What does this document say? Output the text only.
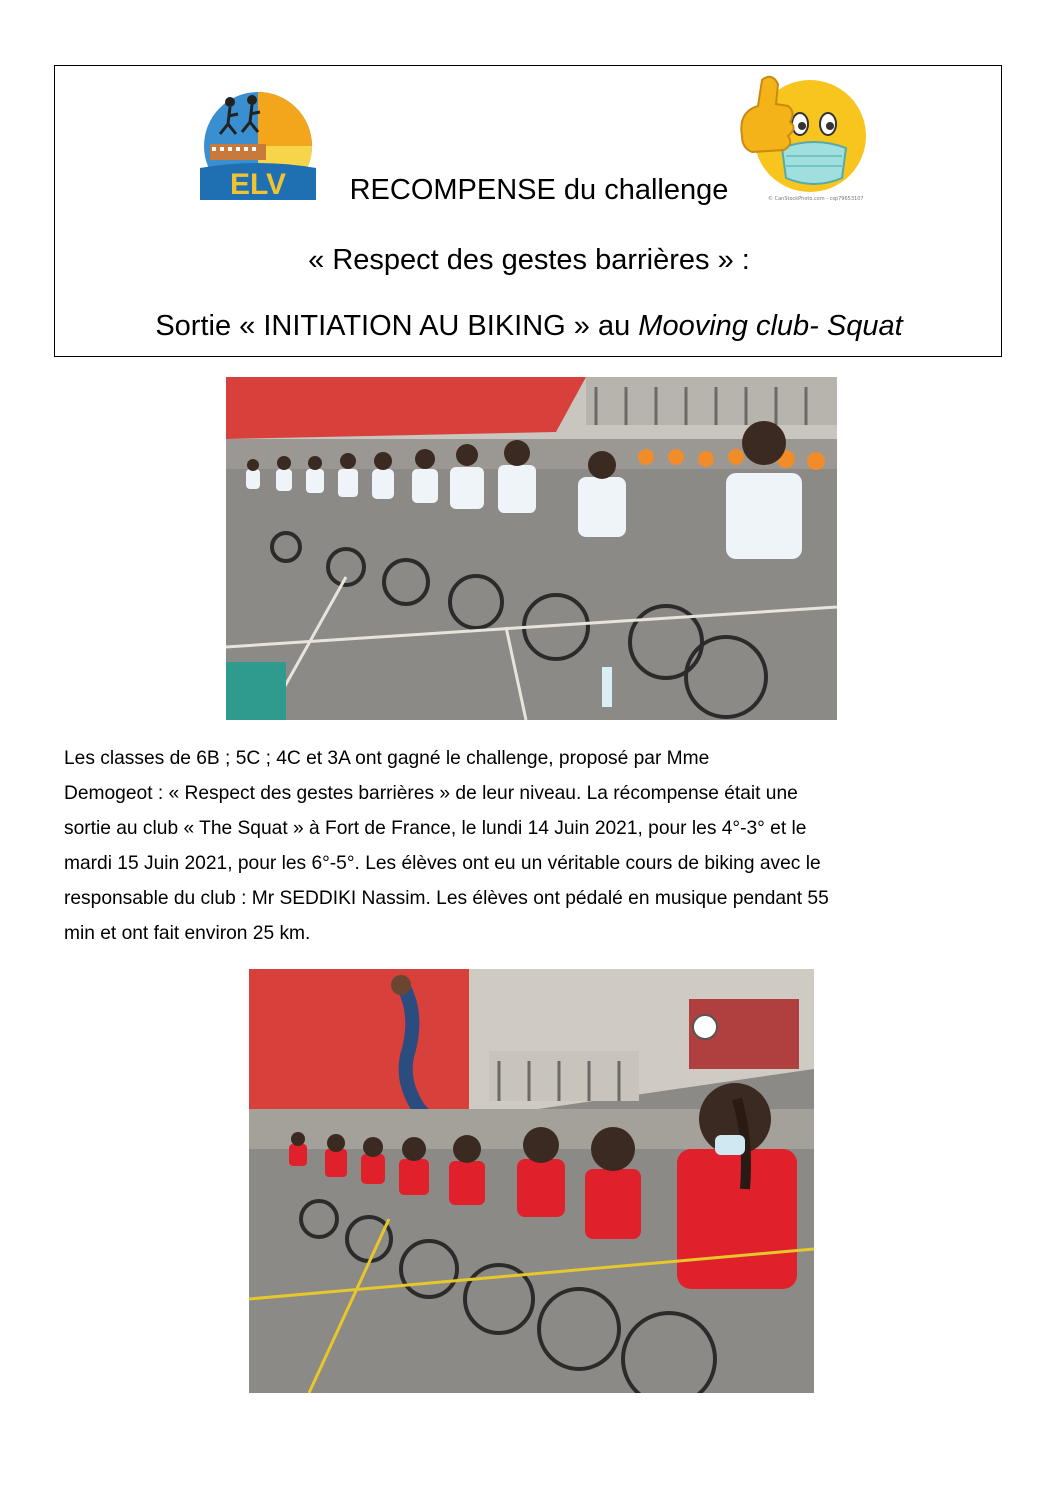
ELV	© CanStockPhoto.com - csp79653107
RECOMPENSE du challenge
« Respect des gestes barrières » :
Sortie « INITIATION AU BIKING » au Mooving club- Squat
Les classes de 6B ; 5C ; 4C et 3A ont gagné le challenge, proposé par Mme
Demogeot : « Respect des gestes barrières » de leur niveau. La récompense était une
sortie au club « The Squat » à Fort de France, le lundi 14 Juin 2021, pour les 4°-3° et le
mardi 15 Juin 2021, pour les 6°-5°. Les élèves ont eu un véritable cours de biking avec le
responsable du club : Mr SEDDIKI Nassim. Les élèves ont pédalé en musique pendant 55
min et ont fait environ 25 km.
